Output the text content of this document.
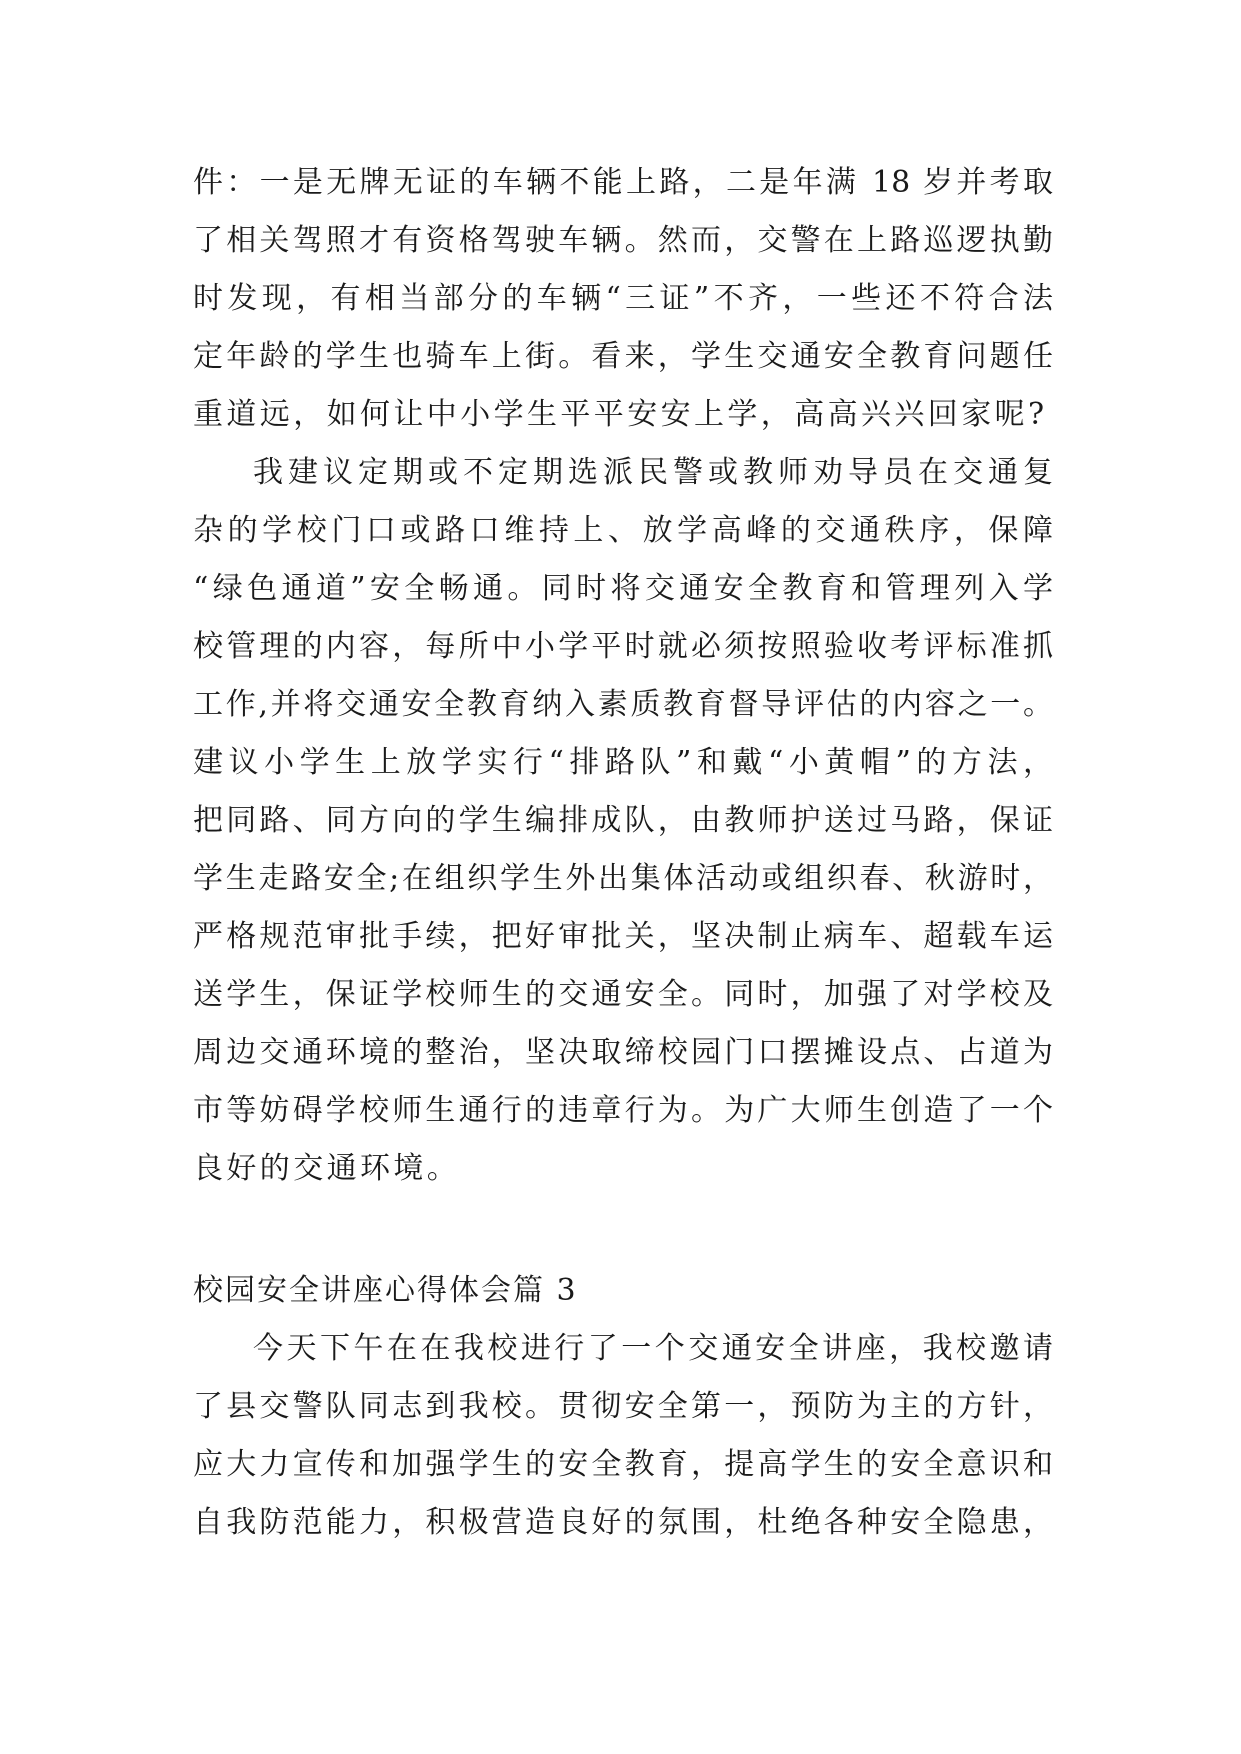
件：一是无牌无证的车辆不能上路，二是年满 18 岁并考取
了相关驾照才有资格驾驶车辆。然而，交警在上路巡逻执勤
时发现，有相当部分的车辆“三证”不齐，一些还不符合法
定年龄的学生也骑车上街。看来，学生交通安全教育问题任
重道远，如何让中小学生平平安安上学，高高兴兴回家呢?
我建议定期或不定期选派民警或教师劝导员在交通复
杂的学校门口或路口维持上、放学高峰的交通秩序，保障
“绿色通道”安全畅通。同时将交通安全教育和管理列入学
校管理的内容，每所中小学平时就必须按照验收考评标准抓
工作,并将交通安全教育纳入素质教育督导评估的内容之一。
建议小学生上放学实行“排路队”和戴“小黄帽”的方法，
把同路、同方向的学生编排成队，由教师护送过马路，保证
学生走路安全;在组织学生外出集体活动或组织春、秋游时，
严格规范审批手续，把好审批关，坚决制止病车、超载车运
送学生，保证学校师生的交通安全。同时，加强了对学校及
周边交通环境的整治，坚决取缔校园门口摆摊设点、占道为
市等妨碍学校师生通行的违章行为。为广大师生创造了一个
良好的交通环境。
校园安全讲座心得体会篇 3
今天下午在在我校进行了一个交通安全讲座，我校邀请
了县交警队同志到我校。贯彻安全第一，预防为主的方针，
应大力宣传和加强学生的安全教育，提高学生的安全意识和
自我防范能力，积极营造良好的氛围，杜绝各种安全隐患，
